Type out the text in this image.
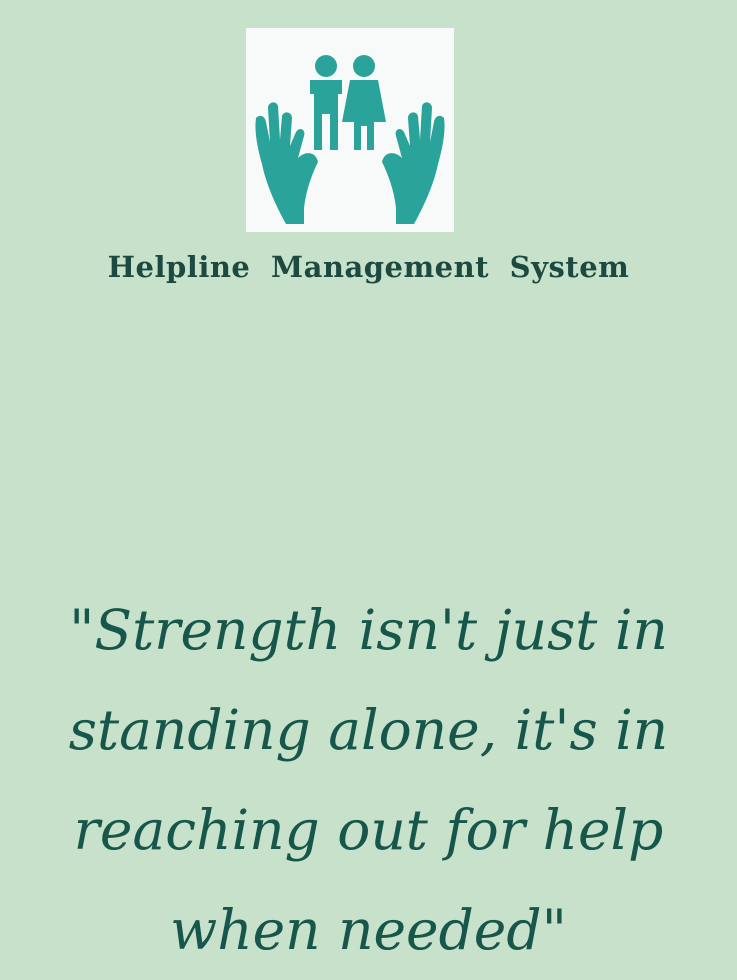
Helpline Management System
"Strength isn't just in standing alone, it's in reaching out for help when needed"
